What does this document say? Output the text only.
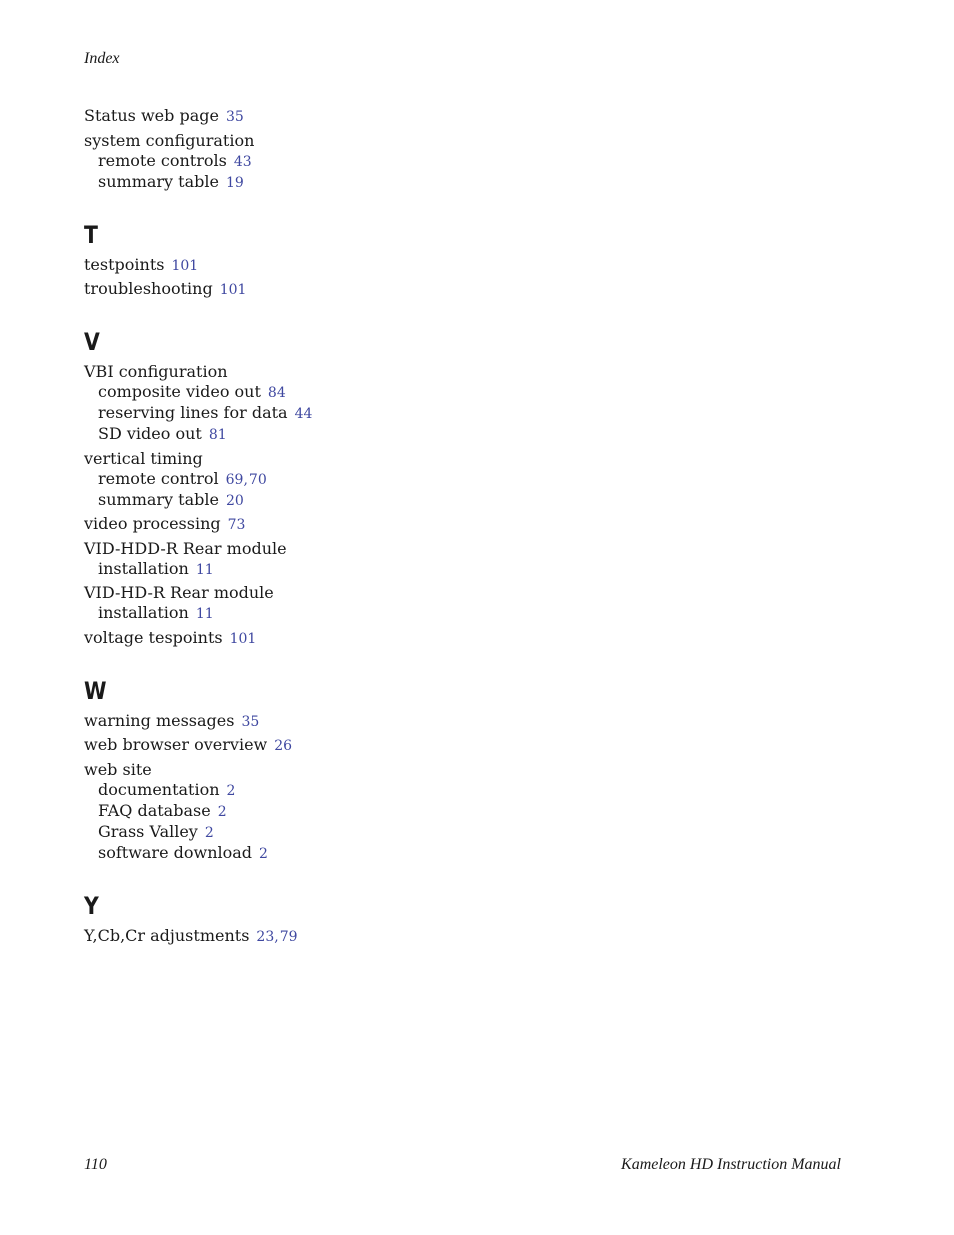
Index
Status web page 35
system configuration
remote controls 43
summary table 19
T
testpoints 101
troubleshooting 101
V
VBI configuration
composite video out 84
reserving lines for data 44
SD video out 81
vertical timing
remote control 69,70
summary table 20
video processing 73
VID-HDD-R Rear module
installation 11
VID-HD-R Rear module
installation 11
voltage tespoints 101
W
warning messages 35
web browser overview 26
web site
documentation 2
FAQ database 2
Grass Valley 2
software download 2
Y
Y,Cb,Cr adjustments 23,79
110	Kameleon HD Instruction Manual
